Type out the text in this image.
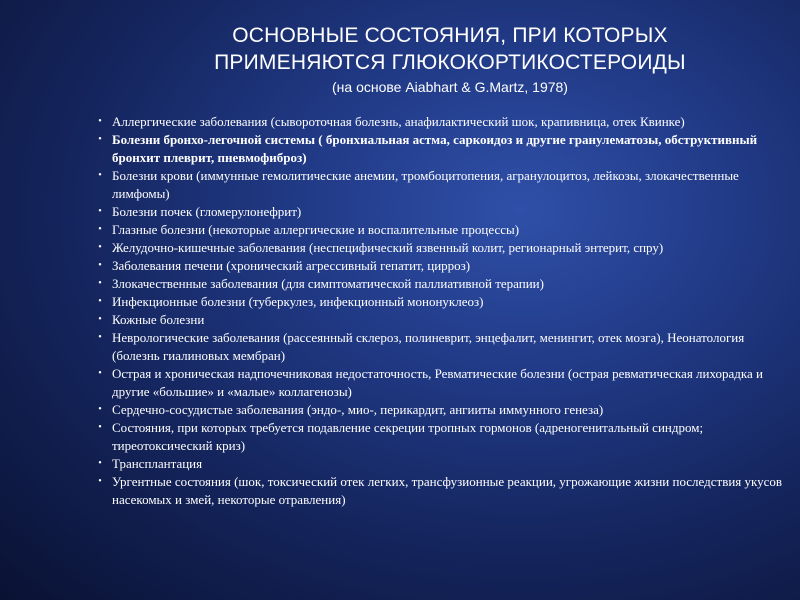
ОСНОВНЫЕ СОСТОЯНИЯ, ПРИ КОТОРЫХ
ПРИМЕНЯЮТСЯ ГЛЮКОКОРТИКОСТЕРОИДЫ
(на основе Aiabhart & G.Martz, 1978)
• Аллергические заболевания (сывороточная болезнь, анафилактический шок, крапивница, отек Квинке)
• Болезни бронхо-легочной системы ( бронхиальная астма, саркоидоз и другие гранулематозы, обструктивный бронхит плеврит, пневмофиброз)
• Болезни крови (иммунные гемолитические анемии, тромбоцитопения, агранулоцитоз, лейкозы, злокачественные лимфомы)
• Болезни почек (гломерулонефрит)
• Глазные болезни (некоторые аллергические и воспалительные процессы)
• Желудочно-кишечные заболевания (неспецифический язвенный колит, регионарный энтерит, спру)
• Заболевания печени (хронический агрессивный гепатит, цирроз)
• Злокачественные заболевания (для симптоматической паллиативной терапии)
• Инфекционные болезни (туберкулез, инфекционный мононуклеоз)
• Кожные болезни
• Неврологические заболевания (рассеянный склероз, полиневрит, энцефалит, менингит, отек мозга), Неонатология (болезнь гиалиновых мембран)
• Острая и хроническая надпочечниковая недостаточность, Ревматические болезни (острая ревматическая лихорадка и другие «большие» и «малые» коллагенозы)
• Сердечно-сосудистые заболевания (эндо-, мио-, перикардит, ангииты иммунного генеза)
• Состояния, при которых требуется подавление секреции тропных гормонов (адреногенитальный синдром; тиреотоксический криз)
• Трансплантация
• Ургентные состояния (шок, токсический отек легких, трансфузионные реакции, угрожающие жизни последствия укусов насекомых и змей, некоторые отравления)
